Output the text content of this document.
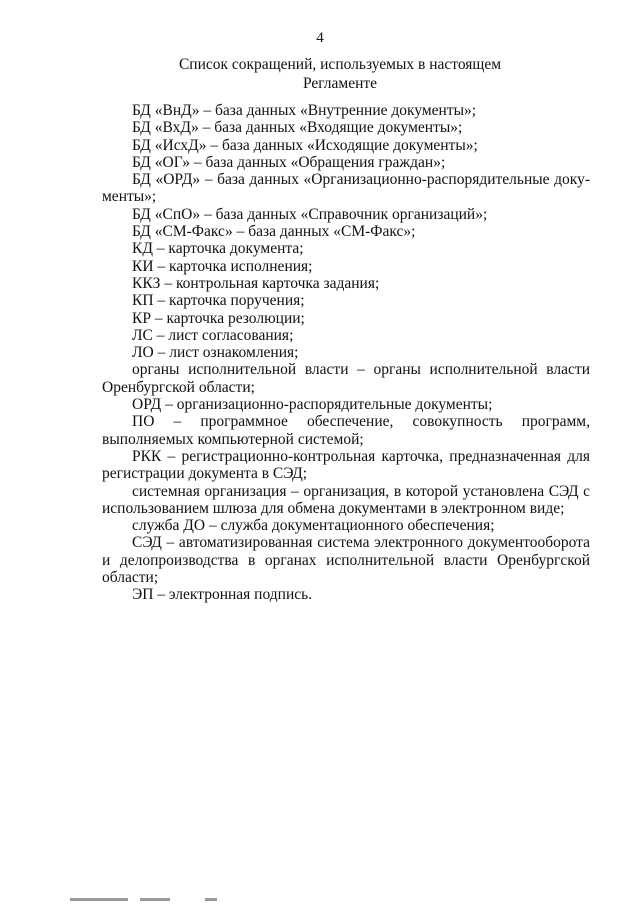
4
Список сокращений, используемых в настоящем
Регламенте

БД «ВнД» – база данных «Внутренние документы»;

БД «ВхД» – база данных «Входящие документы»;

БД «ИсхД» – база данных «Исходящие документы»;

БД «ОГ» – база данных «Обращения граждан»;

БД «ОРД» – база данных «Организационно-распорядительные документы»;

БД «СпО» – база данных «Справочник организаций»;

БД «СМ-Факс» – база данных «СМ-Факс»;

КД – карточка документа;

КИ – карточка исполнения;

ККЗ – контрольная карточка задания;

КП – карточка поручения;

КР – карточка резолюции;

ЛС – лист согласования;

ЛО – лист ознакомления;

органы исполнительной власти – органы исполнительной власти Оренбургской области;

ОРД – организационно-распорядительные документы;

ПО – программное обеспечение, совокупность программ, выполняемых компьютерной системой;

РКК – регистрационно-контрольная карточка, предназначенная для регистрации документа в СЭД;

системная организация – организация, в которой установлена СЭД с использованием шлюза для обмена документами в электронном виде;

служба ДО – служба документационного обеспечения;

СЭД – автоматизированная система электронного документооборота и делопроизводства в органах исполнительной власти Оренбургской области;

ЭП – электронная подпись.
